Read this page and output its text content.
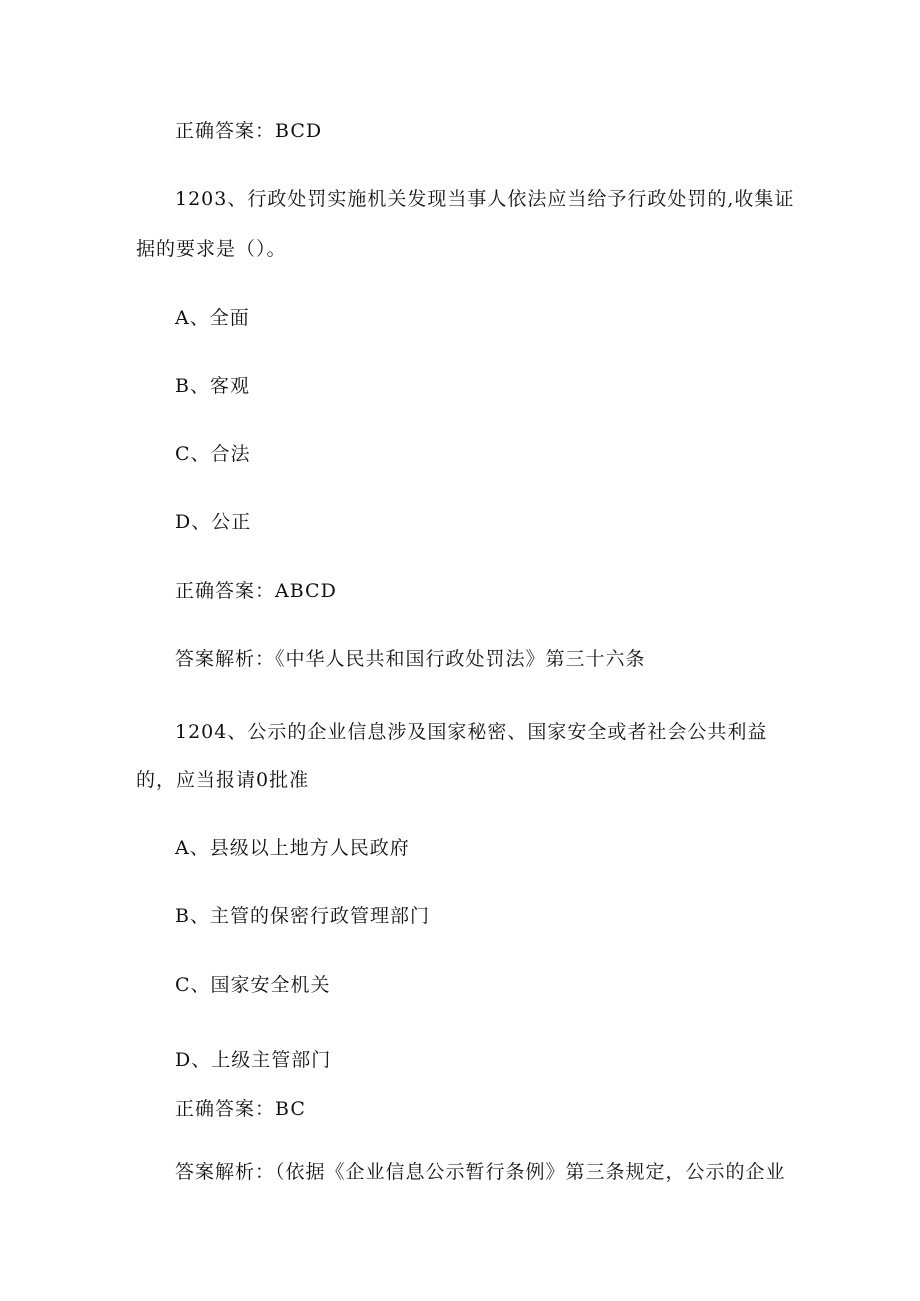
正确答案：BCD
1203、行政处罚实施机关发现当事人依法应当给予行政处罚的,收集证
据的要求是（）。
A、全面
B、客观
C、合法
D、公正
正确答案：ABCD
答案解析：《中华人民共和国行政处罚法》第三十六条
1204、公示的企业信息涉及国家秘密、国家安全或者社会公共利益
的，应当报请0批准
A、县级以上地方人民政府
B、主管的保密行政管理部门
C、国家安全机关
D、上级主管部门
正确答案：BC
答案解析：（依据《企业信息公示暂行条例》第三条规定，公示的企业
